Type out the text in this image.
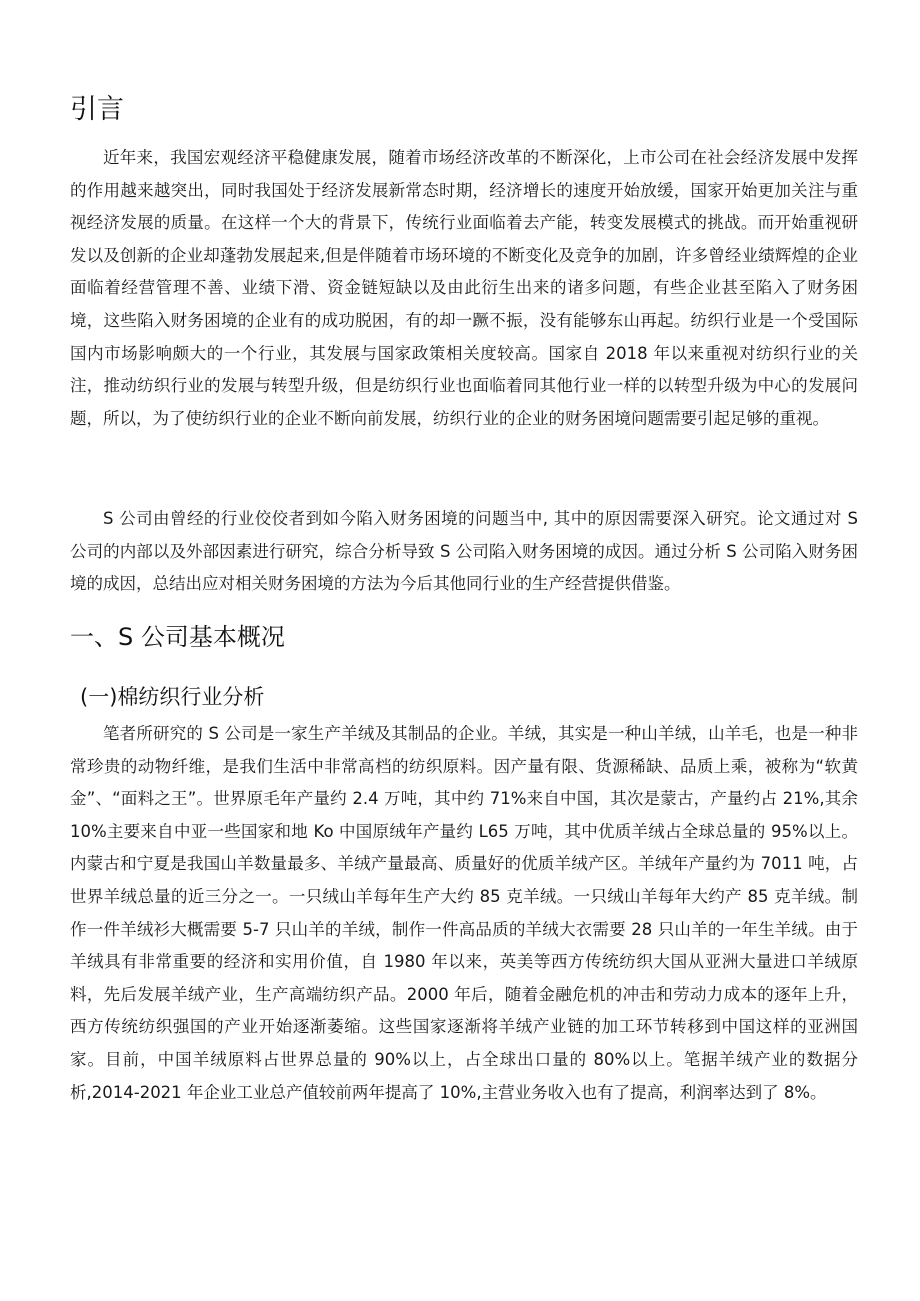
引言

近年来，我国宏观经济平稳健康发展，随着市场经济改革的不断深化，上市公司在社会经济发展中发挥的作用越来越突出，同时我国处于经济发展新常态时期，经济增长的速度开始放缓，国家开始更加关注与重视经济发展的质量。在这样一个大的背景下，传统行业面临着去产能，转变发展模式的挑战。而开始重视研发以及创新的企业却蓬勃发展起来,但是伴随着市场环境的不断变化及竞争的加剧，许多曾经业绩辉煌的企业面临着经营管理不善、业绩下滑、资金链短缺以及由此衍生出来的诸多问题，有些企业甚至陷入了财务困境，这些陷入财务困境的企业有的成功脱困，有的却一蹶不振，没有能够东山再起。纺织行业是一个受国际国内市场影响颇大的一个行业，其发展与国家政策相关度较高。国家自 2018 年以来重视对纺织行业的关注，推动纺织行业的发展与转型升级，但是纺织行业也面临着同其他行业一样的以转型升级为中心的发展问题，所以，为了使纺织行业的企业不断向前发展，纺织行业的企业的财务困境问题需要引起足够的重视。

S 公司由曾经的行业佼佼者到如今陷入财务困境的问题当中, 其中的原因需要深入研究。论文通过对 S 公司的内部以及外部因素进行研究，综合分析导致 S 公司陷入财务困境的成因。通过分析 S 公司陷入财务困境的成因，总结出应对相关财务困境的方法为今后其他同行业的生产经营提供借鉴。

一、S 公司基本概况
(一)棉纺织行业分析

笔者所研究的 S 公司是一家生产羊绒及其制品的企业。羊绒，其实是一种山羊绒，山羊毛，也是一种非常珍贵的动物纤维，是我们生活中非常高档的纺织原料。因产量有限、货源稀缺、品质上乘，被称为“软黄金”、“面料之王”。世界原毛年产量约 2.4 万吨，其中约 71%来自中国，其次是蒙古，产量约占 21%,其余 10%主要来自中亚一些国家和地 Ko 中国原绒年产量约 L65 万吨，其中优质羊绒占全球总量的 95%以上。内蒙古和宁夏是我国山羊数量最多、羊绒产量最高、质量好的优质羊绒产区。羊绒年产量约为 7011 吨，占世界羊绒总量的近三分之一。一只绒山羊每年生产大约 85 克羊绒。一只绒山羊每年大约产 85 克羊绒。制作一件羊绒衫大概需要 5-7 只山羊的羊绒，制作一件高品质的羊绒大衣需要 28 只山羊的一年生羊绒。由于羊绒具有非常重要的经济和实用价值，自 1980 年以来，英美等西方传统纺织大国从亚洲大量进口羊绒原料，先后发展羊绒产业，生产高端纺织产品。2000 年后，随着金融危机的冲击和劳动力成本的逐年上升，西方传统纺织强国的产业开始逐渐萎缩。这些国家逐渐将羊绒产业链的加工环节转移到中国这样的亚洲国家。目前，中国羊绒原料占世界总量的 90%以上，占全球出口量的 80%以上。笔据羊绒产业的数据分析,2014-2021 年企业工业总产值较前两年提高了 10%,主营业务收入也有了提高，利润率达到了 8%。
